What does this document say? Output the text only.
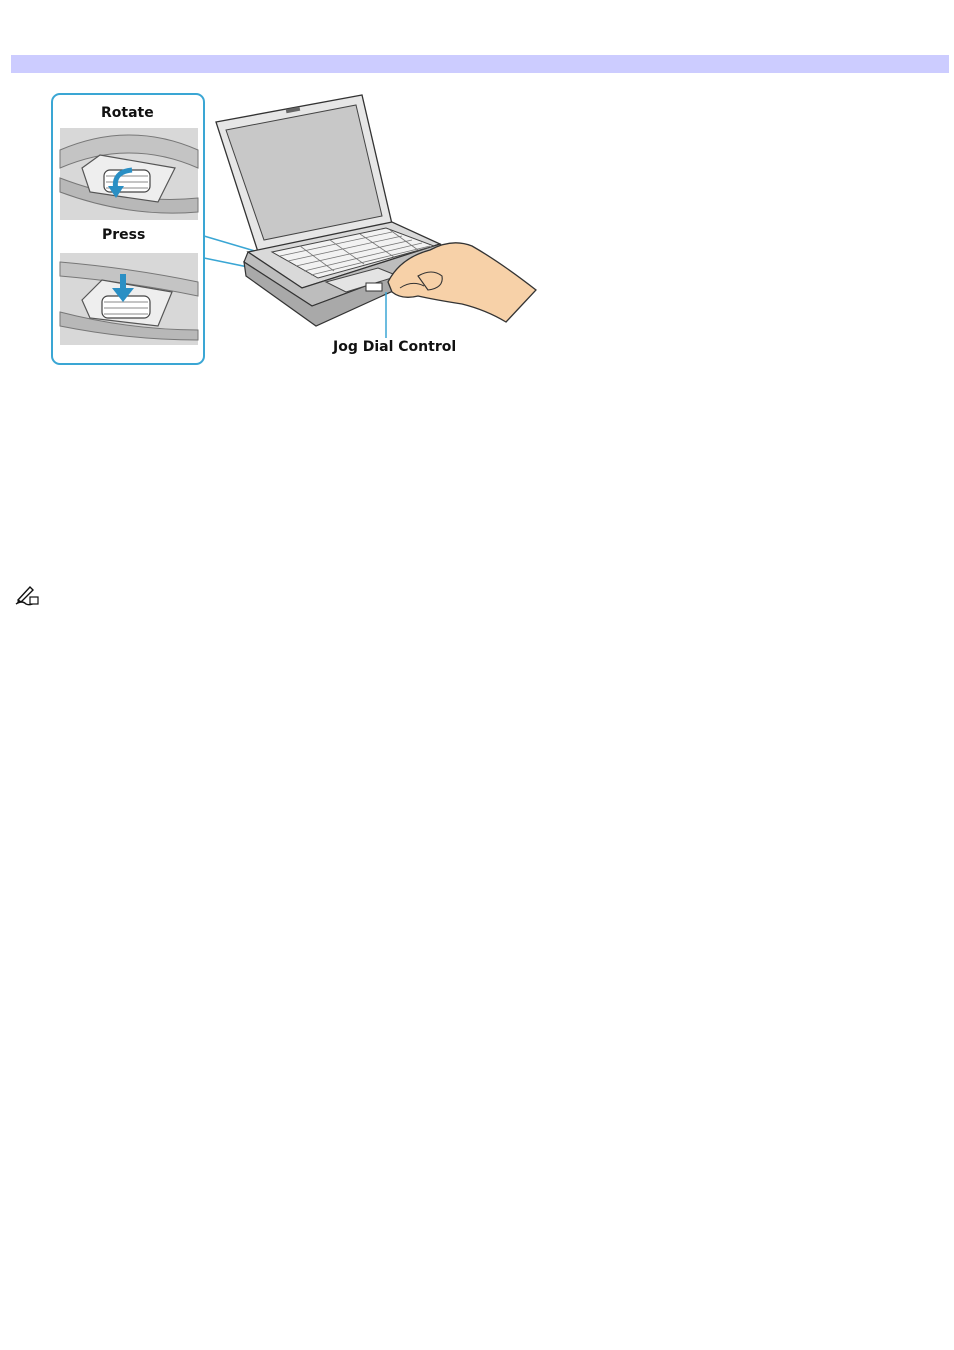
Rotate
Press
Jog Dial Control
